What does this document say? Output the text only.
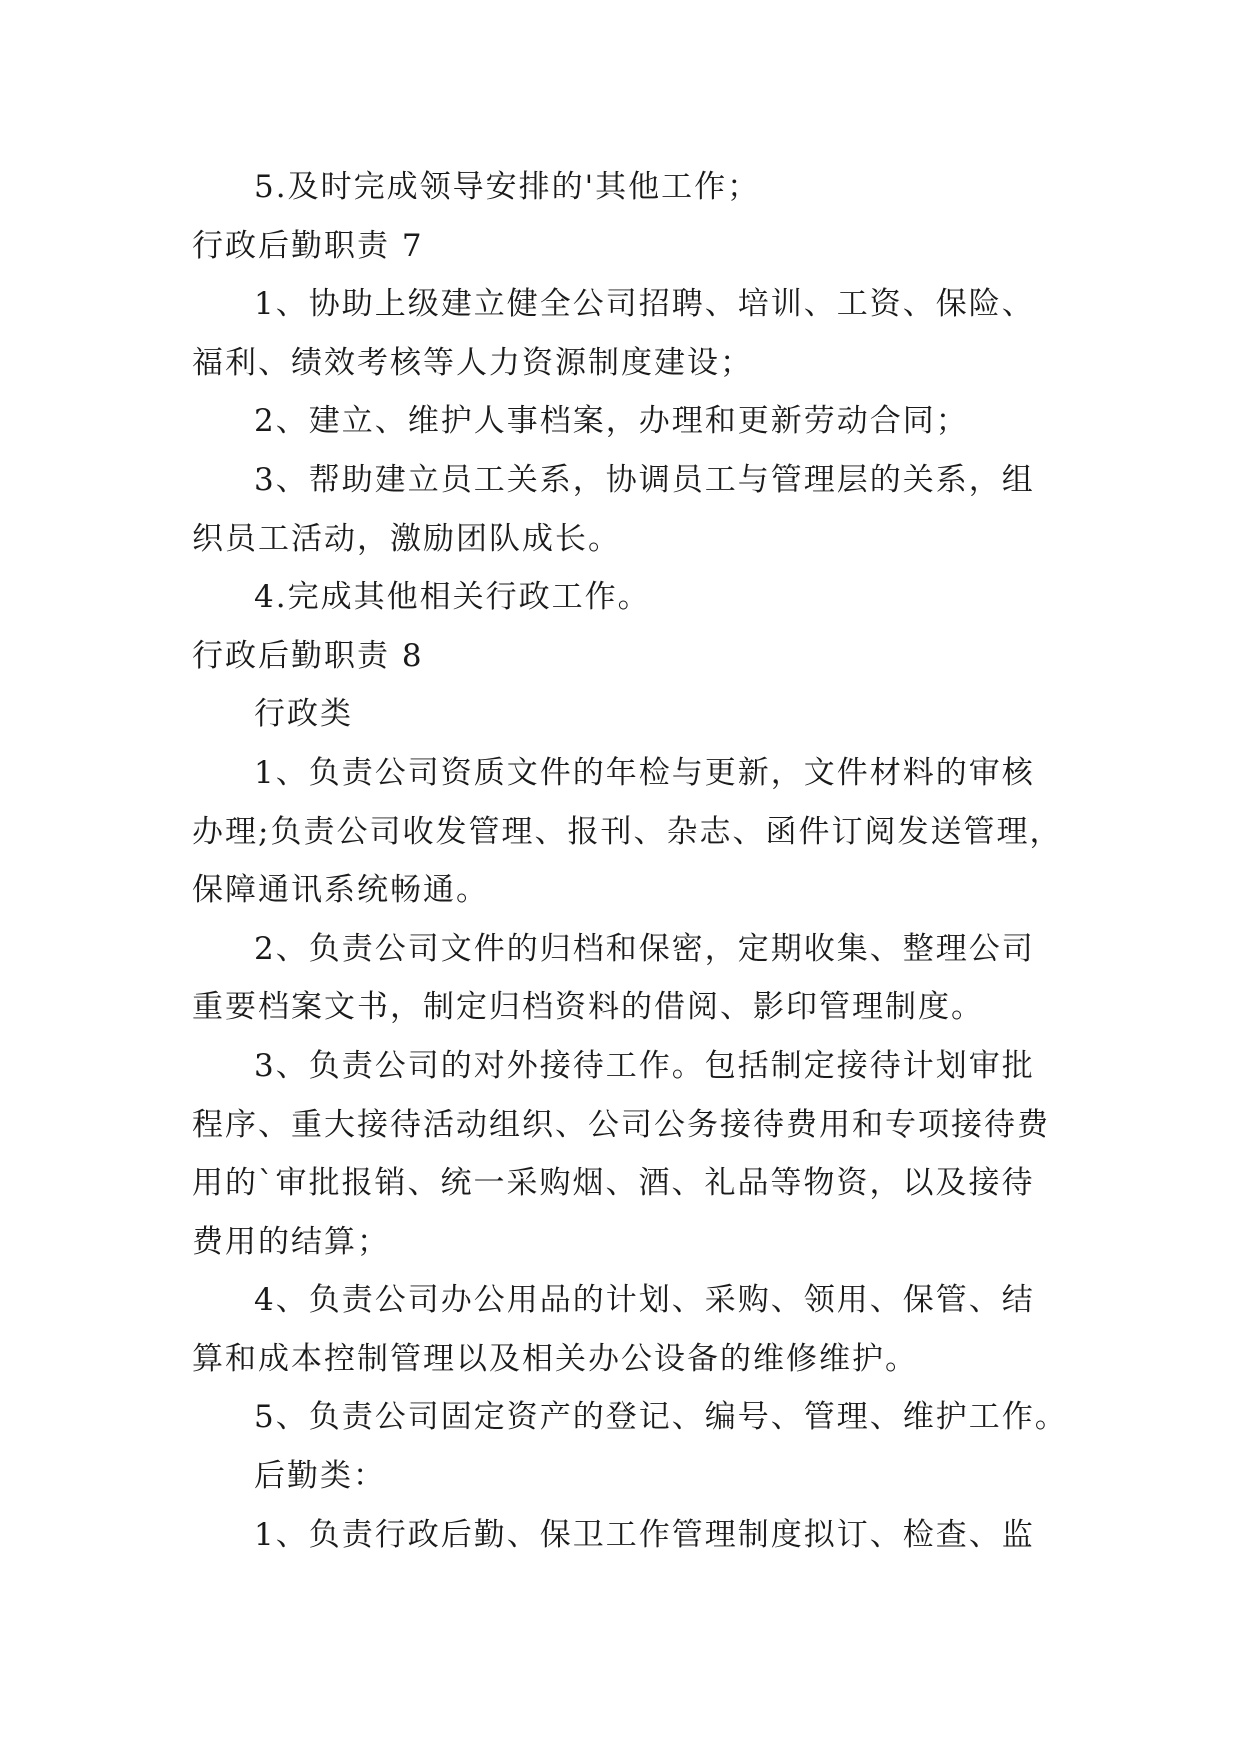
5.及时完成领导安排的'其他工作；
行政后勤职责 7
1、协助上级建立健全公司招聘、培训、工资、保险、
福利、绩效考核等人力资源制度建设；
2、建立、维护人事档案，办理和更新劳动合同；
3、帮助建立员工关系，协调员工与管理层的关系，组
织员工活动，激励团队成长。
4.完成其他相关行政工作。
行政后勤职责 8
行政类
1、负责公司资质文件的年检与更新，文件材料的审核
办理;负责公司收发管理、报刊、杂志、函件订阅发送管理，
保障通讯系统畅通。
2、负责公司文件的归档和保密，定期收集、整理公司
重要档案文书，制定归档资料的借阅、影印管理制度。
3、负责公司的对外接待工作。包括制定接待计划审批
程序、重大接待活动组织、公司公务接待费用和专项接待费
用的`审批报销、统一采购烟、酒、礼品等物资，以及接待
费用的结算；
4、负责公司办公用品的计划、采购、领用、保管、结
算和成本控制管理以及相关办公设备的维修维护。
5、负责公司固定资产的登记、编号、管理、维护工作。
后勤类：
1、负责行政后勤、保卫工作管理制度拟订、检查、监
